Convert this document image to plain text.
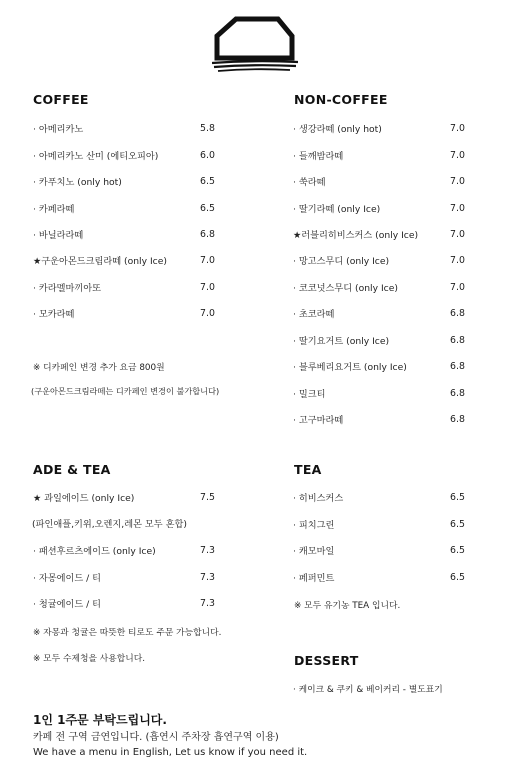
COFFEE
· 아메리카노	5.8
· 아메리카노 산미 (에티오피아)	6.0
· 카푸치노 (only hot)	6.5
· 카페라떼	6.5
· 바닐라라떼	6.8
★구운아몬드크림라떼 (only Ice)	7.0
· 카라멜마끼아또	7.0
· 모카라떼	7.0
※ 디카페인 변경 추가 요금 800원
(구운아몬드크림라떼는 디카페인 변경이 불가합니다)
NON-COFFEE
· 생강라떼 (only hot)	7.0
· 들깨밤라떼	7.0
· 쑥라떼	7.0
· 딸기라떼 (only Ice)	7.0
★러블리히비스커스 (only Ice)	7.0
· 망고스무디 (only Ice)	7.0
· 코코넛스무디 (only Ice)	7.0
· 초코라떼	6.8
· 딸기요거트 (only Ice)	6.8
· 블루베리요거트 (only Ice)	6.8
· 밀크티	6.8
· 고구마라떼	6.8
ADE & TEA
★ 과일에이드 (only Ice)	7.5
(파인애플,키위,오렌지,레몬 모두 혼합)
· 패션후르츠에이드 (only Ice)	7.3
· 자몽에이드 / 티	7.3
· 청귤에이드 / 티	7.3
※ 자몽과 청귤은 따뜻한 티로도 주문 가능합니다.
※ 모두 수제청을 사용합니다.
TEA
· 히비스커스	6.5
· 피치그린	6.5
· 캐모마일	6.5
· 페퍼민트	6.5
※ 모두 유기농 TEA 입니다.
DESSERT
· 케이크 & 쿠키 & 베이커리 - 별도표기
1인 1주문 부탁드립니다.
카페 전 구역 금연입니다. (흡연시 주차장 흡연구역 이용)
We have a menu in English, Let us know if you need it.
